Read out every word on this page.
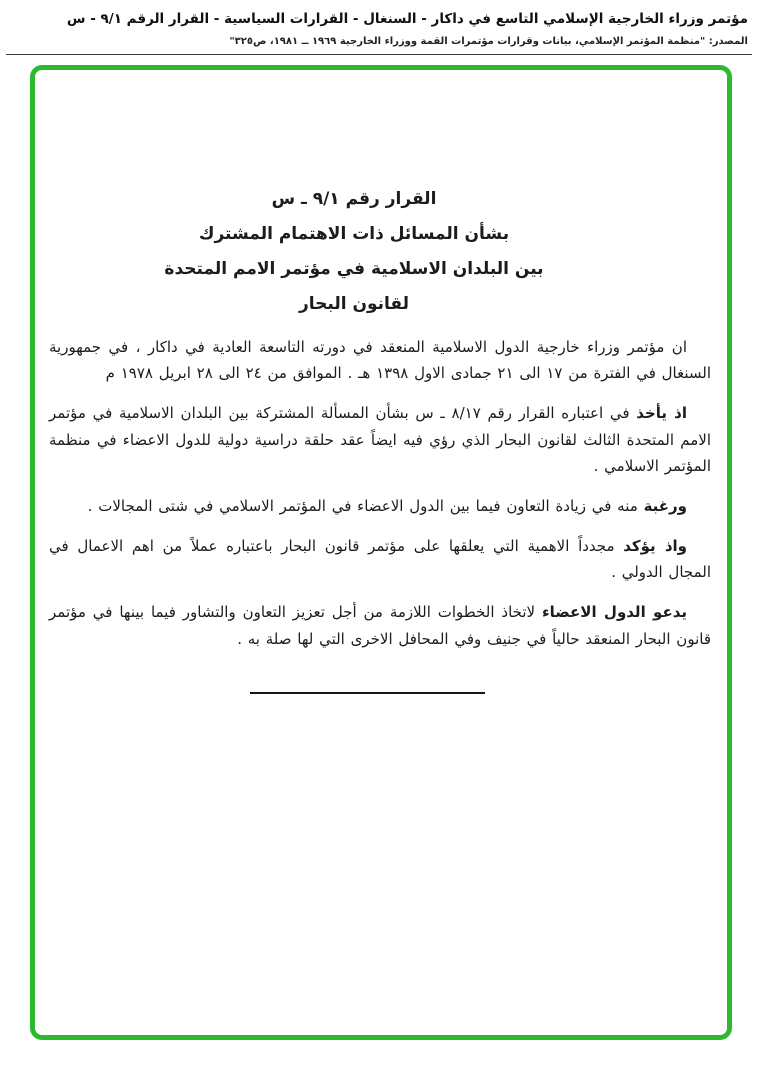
مؤتمر وزراء الخارجية الإسلامي التاسع في داكار - السنغال - القرارات السياسية - القرار الرقم ٩/١ - س
المصدر: "منظمة المؤتمر الإسلامي، بيانات وقرارات مؤتمرات القمة ووزراء الخارجية ١٩٦٩ ــ ١٩٨١، ص٣٢٥"
القرار رقم ٩/١ ـ س
بشأن المسائل ذات الاهتمام المشترك
بين البلدان الاسلامية في مؤتمر الامم المتحدة
لقانون البحار

ان مؤتمر وزراء خارجية الدول الاسلامية المنعقد في دورته التاسعة العادية في داكار ، في جمهورية السنغال في الفترة من ١٧ الى ٢١ جمادى الاول ١٣٩٨ هـ . الموافق من ٢٤ الى ٢٨ ابريل ١٩٧٨ م

اذ يأخذ في اعتباره القرار رقم ٨/١٧ ـ س بشأن المسألة المشتركة بين البلدان الاسلامية في مؤتمر الامم المتحدة الثالث لقانون البحار الذي رؤي فيه ايضاً عقد حلقة دراسية دولية للدول الاعضاء في منظمة المؤتمر الاسلامي .

ورغبة منه في زيادة التعاون فيما بين الدول الاعضاء في المؤتمر الاسلامي في شتى المجالات .

واذ يؤكد مجدداً الاهمية التي يعلقها على مؤتمر قانون البحار باعتباره عملاً من اهم الاعمال في المجال الدولي .

يدعو الدول الاعضاء لاتخاذ الخطوات اللازمة من أجل تعزيز التعاون والتشاور فيما بينها في مؤتمر قانون البحار المنعقد حالياً في جنيف وفي المحافل الاخرى التي لها صلة به .
